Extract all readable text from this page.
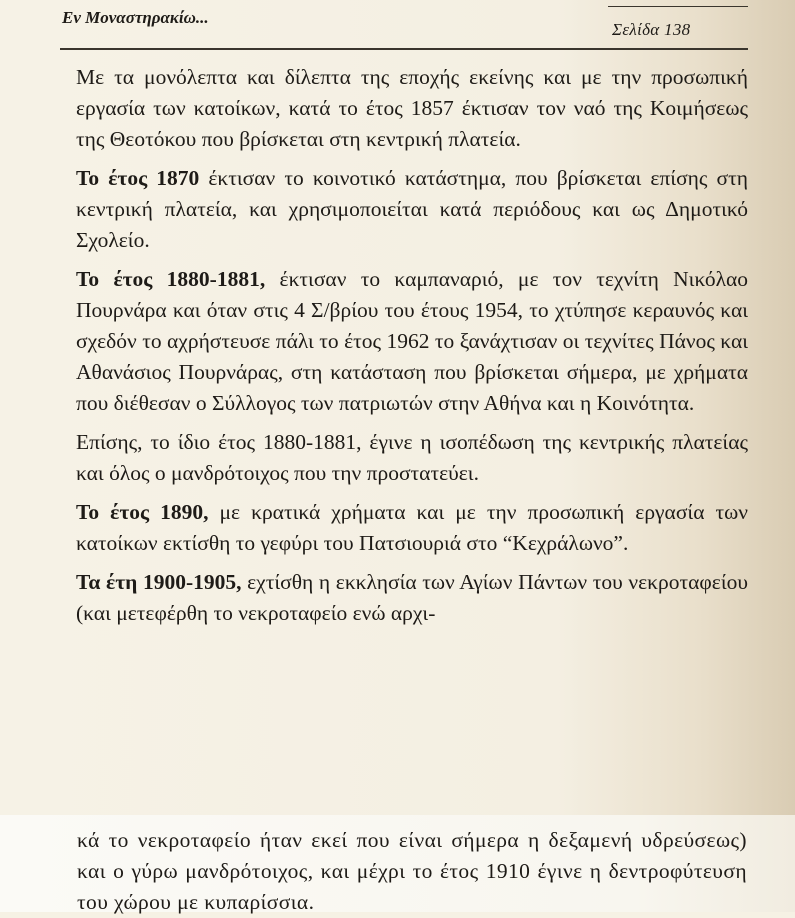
Εν Μοναστηρακίω...
Σελίδα 138

Με τα μονόλεπτα και δίλεπτα της εποχής εκείνης και με την προσωπική εργασία των κατοίκων, κατά το έτος 1857 έκτισαν τον ναό της Κοιμήσεως της Θεοτόκου που βρίσκεται στη κεντρική πλατεία.

Το έτος 1870 έκτισαν το κοινοτικό κατάστημα, που βρίσκεται επίσης στη κεντρική πλατεία, και χρησιμοποιείται κατά περιόδους και ως Δημοτικό Σχολείο.

Το έτος 1880-1881, έκτισαν το καμπαναριό, με τον τεχνίτη Νικόλαο Πουρνάρα και όταν στις 4 Σ/βρίου του έτους 1954, το χτύπησε κεραυνός και σχεδόν το αχρήστευσε πάλι το έτος 1962 το ξανάχτισαν οι τεχνίτες Πάνος και Αθανάσιος Πουρνάρας, στη κατάσταση που βρίσκεται σήμερα, με χρήματα που διέθεσαν ο Σύλλογος των πατριωτών στην Αθήνα και η Κοινότητα.

Επίσης, το ίδιο έτος 1880-1881, έγινε η ισοπέδωση της κεντρικής πλατείας και όλος ο μανδρότοιχος που την προστατεύει.

Το έτος 1890, με κρατικά χρήματα και με την προσωπική εργασία των κατοίκων εκτίσθη το γεφύρι του Πατσιουριά στο “Κεχράλωνο”.

Τα έτη 1900-1905, εχτίσθη η εκκλησία των Αγίων Πάντων του νεκροταφείου (και μετεφέρθη το νεκροταφείο ενώ αρχι-

κά το νεκροταφείο ήταν εκεί που είναι σήμερα η δεξαμενή υδρεύσεως) και ο γύρω μανδρότοιχος, και μέχρι το έτος 1910 έγινε η δεντροφύτευση του χώρου με κυπαρίσσια.
